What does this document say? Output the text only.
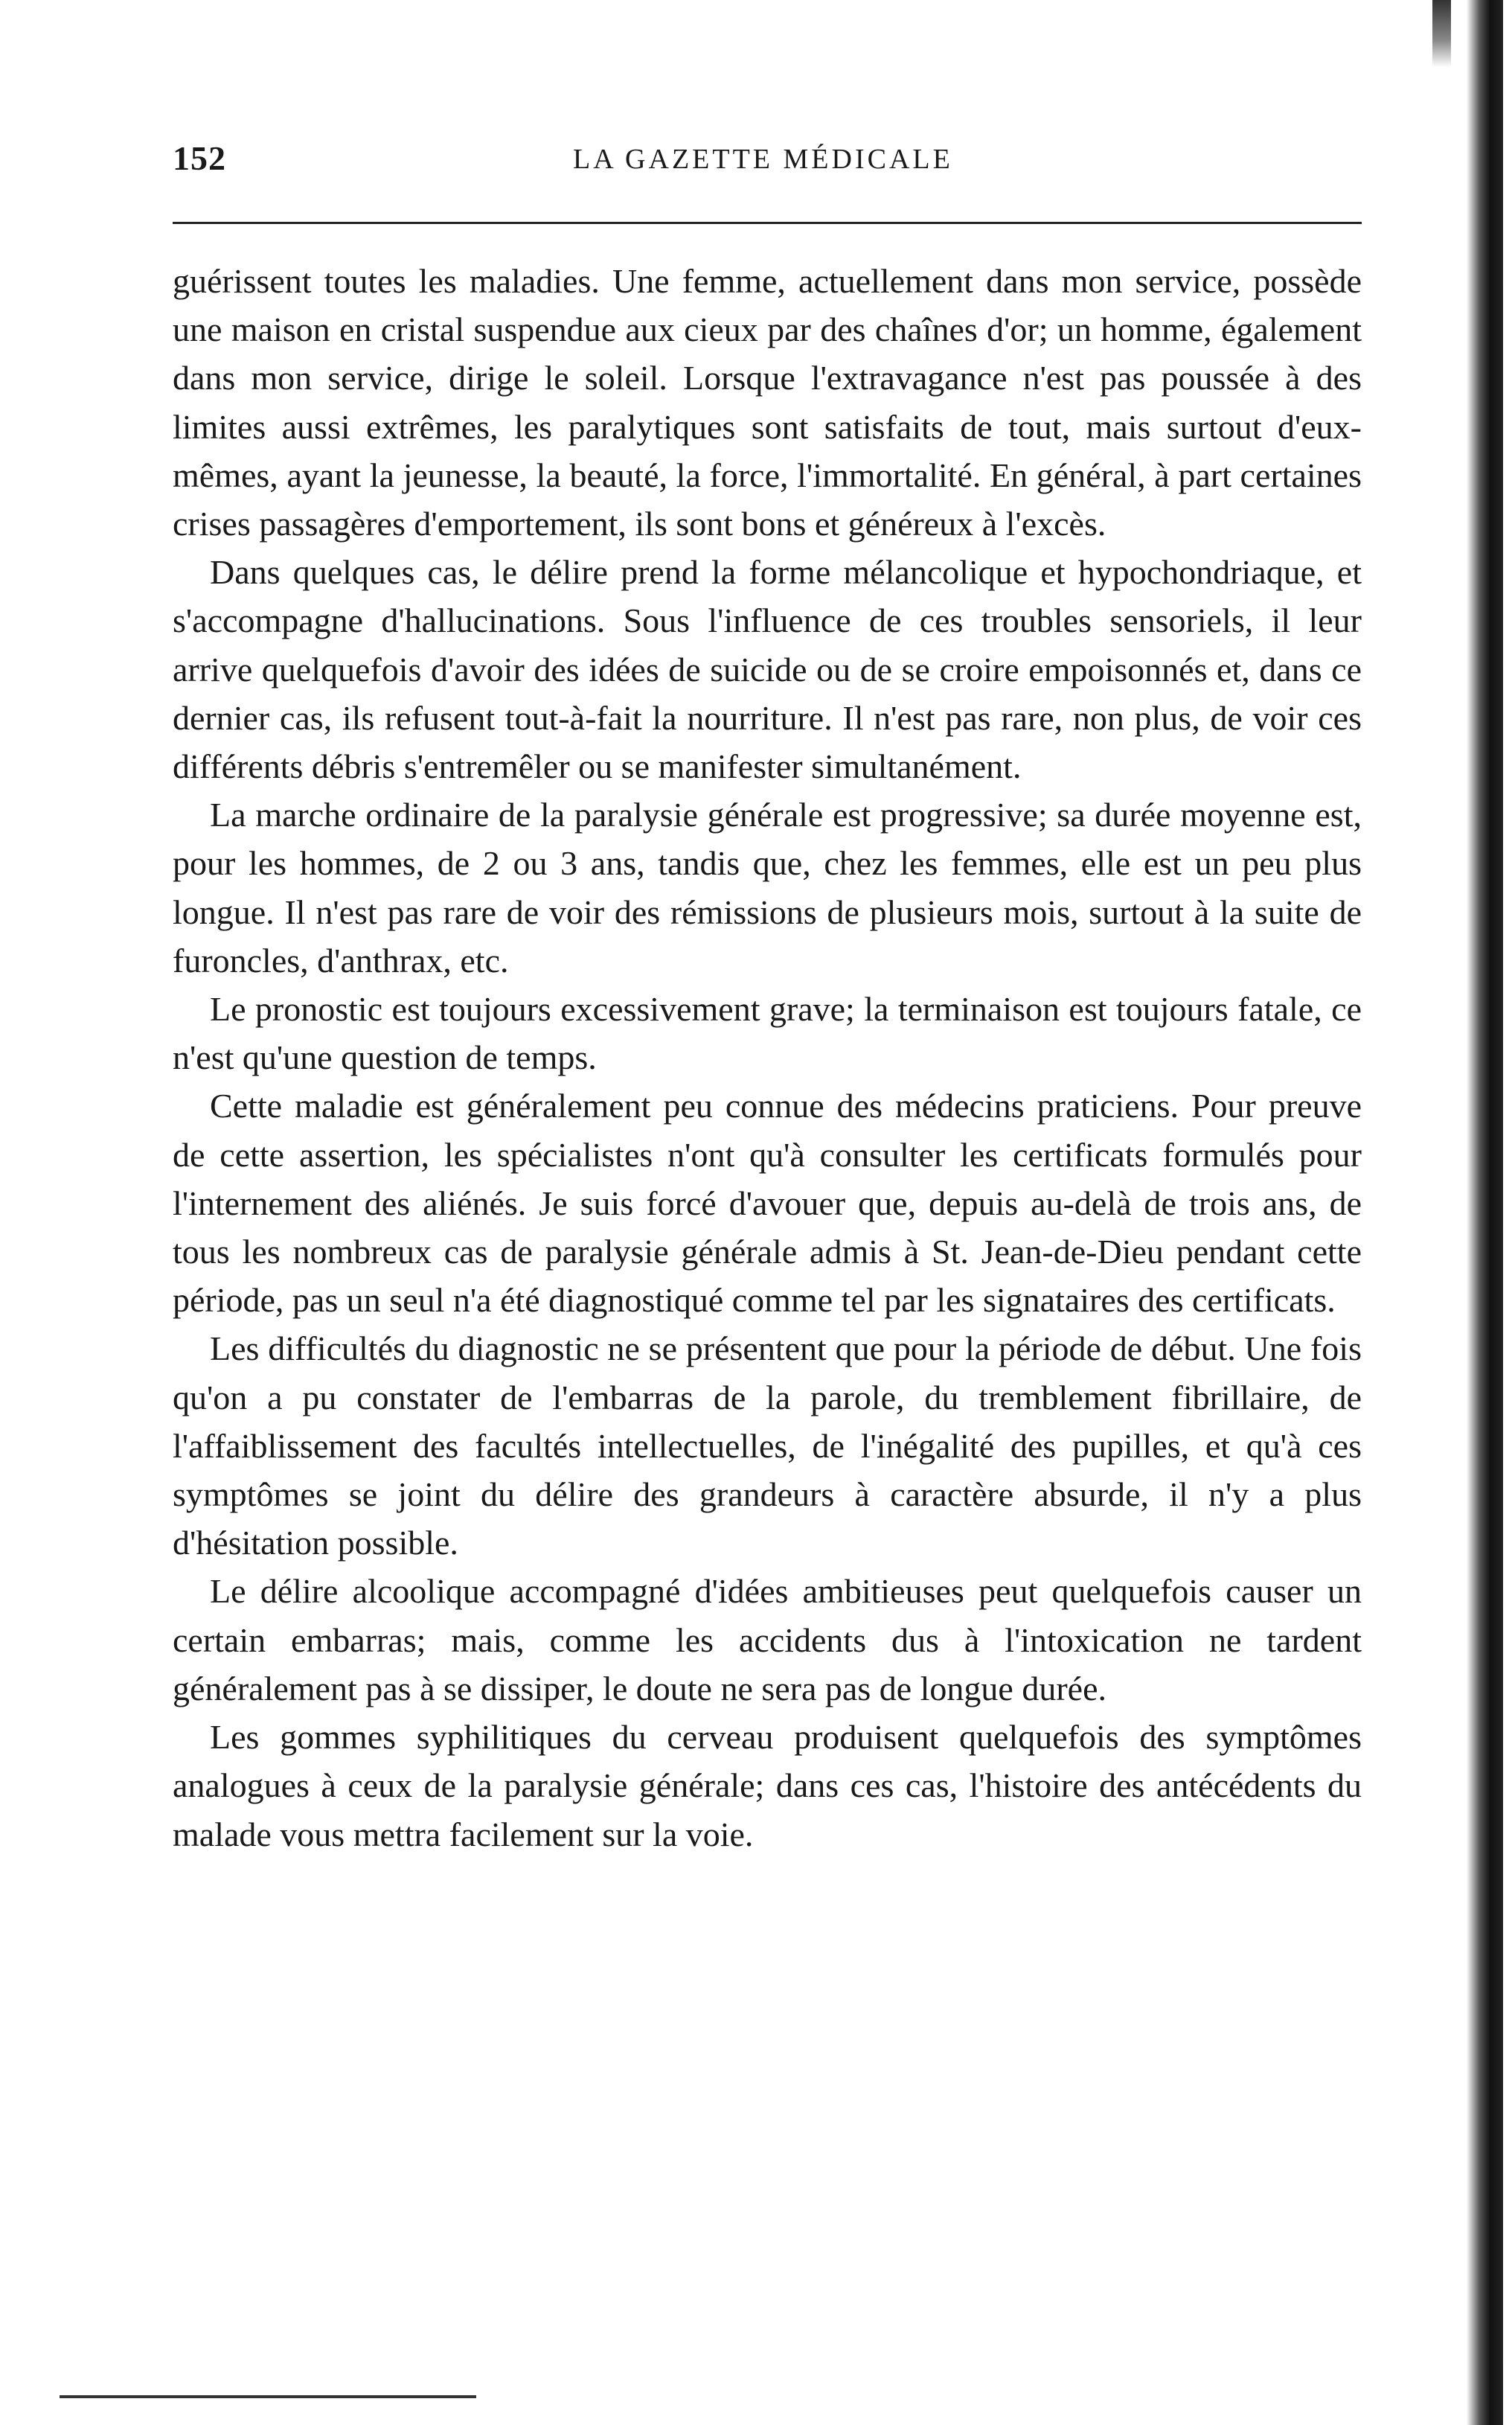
152	LA GAZETTE MÉDICALE

guérissent toutes les maladies. Une femme, actuellement dans mon service, possède une maison en cristal suspendue aux cieux par des chaînes d'or; un homme, également dans mon service, dirige le soleil. Lorsque l'extravagance n'est pas poussée à des limites aussi extrêmes, les paralytiques sont satisfaits de tout, mais surtout d'eux-mêmes, ayant la jeunesse, la beauté, la force, l'immortalité. En général, à part certaines crises passagères d'emportement, ils sont bons et généreux à l'excès.

Dans quelques cas, le délire prend la forme mélancolique et hypochondriaque, et s'accompagne d'hallucinations. Sous l'influence de ces troubles sensoriels, il leur arrive quelquefois d'avoir des idées de suicide ou de se croire empoisonnés et, dans ce dernier cas, ils refusent tout-à-fait la nourriture. Il n'est pas rare, non plus, de voir ces différents débris s'entremêler ou se manifester simultanément.

La marche ordinaire de la paralysie générale est progressive; sa durée moyenne est, pour les hommes, de 2 ou 3 ans, tandis que, chez les femmes, elle est un peu plus longue. Il n'est pas rare de voir des rémissions de plusieurs mois, surtout à la suite de furoncles, d'anthrax, etc.

Le pronostic est toujours excessivement grave; la terminaison est toujours fatale, ce n'est qu'une question de temps.

Cette maladie est généralement peu connue des médecins praticiens. Pour preuve de cette assertion, les spécialistes n'ont qu'à consulter les certificats formulés pour l'internement des aliénés. Je suis forcé d'avouer que, depuis au-delà de trois ans, de tous les nombreux cas de paralysie générale admis à St. Jean-de-Dieu pendant cette période, pas un seul n'a été diagnostiqué comme tel par les signataires des certificats.

Les difficultés du diagnostic ne se présentent que pour la période de début. Une fois qu'on a pu constater de l'embarras de la parole, du tremblement fibrillaire, de l'affaiblissement des facultés intellectuelles, de l'inégalité des pupilles, et qu'à ces symptômes se joint du délire des grandeurs à caractère absurde, il n'y a plus d'hésitation possible.

Le délire alcoolique accompagné d'idées ambitieuses peut quelquefois causer un certain embarras; mais, comme les accidents dus à l'intoxication ne tardent généralement pas à se dissiper, le doute ne sera pas de longue durée.

Les gommes syphilitiques du cerveau produisent quelquefois des symptômes analogues à ceux de la paralysie générale; dans ces cas, l'histoire des antécédents du malade vous mettra facilement sur la voie.
